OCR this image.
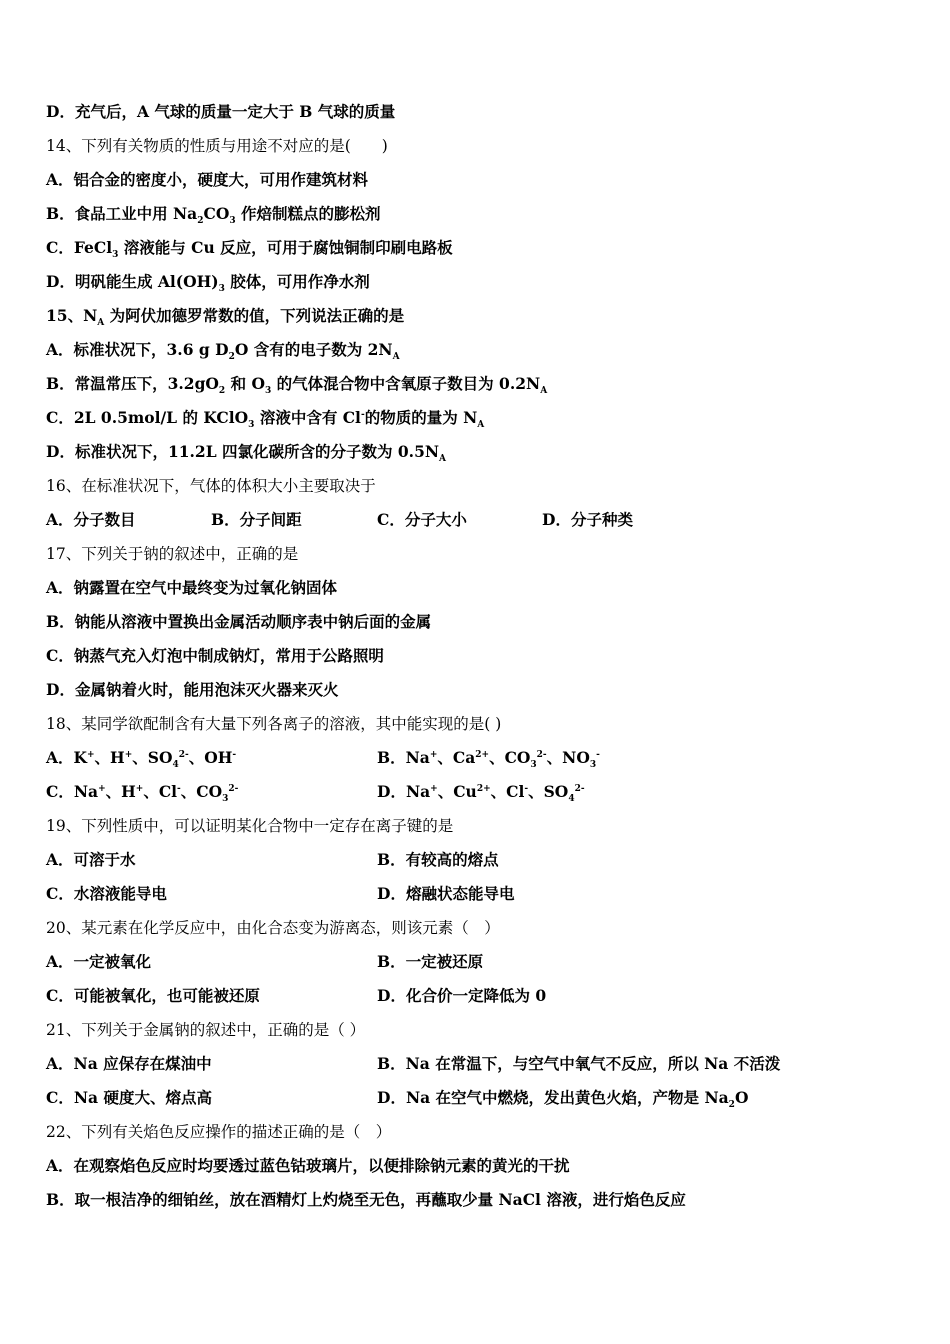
D．充气后，A 气球的质量一定大于 B 气球的质量
14、下列有关物质的性质与用途不对应的是(　　)
A．铝合金的密度小，硬度大，可用作建筑材料
B．食品工业中用 $Na_2CO_3$ 作焙制糕点的膨松剂
C．FeCl$_3$ 溶液能与 Cu 反应，可用于腐蚀铜制印刷电路板
D．明矾能生成 $Al(OH)_3$ 胶体，可用作净水剂
15、$N_A$ 为阿伏加德罗常数的值，下列说法正确的是
A．标准状况下，3.6 g $D_2O$ 含有的电子数为 $2N_A$
B．常温常压下，$3.2gO_2$ 和 $O_3$ 的气体混合物中含氧原子数目为 $0.2N_A$
C．2L 0.5mol/L 的 KClO$_3$ 溶液中含有 Cl-的物质的量为 $N_A$
D．标准状况下，11.2L 四氯化碳所含的分子数为 $0.5N_A$
16、在标准状况下，气体的体积大小主要取决于
A．分子数目	B．分子间距	C．分子大小	D．分子种类
17、下列关于钠的叙述中，正确的是
A．钠露置在空气中最终变为过氧化钠固体
B．钠能从溶液中置换出金属活动顺序表中钠后面的金属
C．钠蒸气充入灯泡中制成钠灯，常用于公路照明
D．金属钠着火时，能用泡沫灭火器来灭火
18、某同学欲配制含有大量下列各离子的溶液，其中能实现的是( )
A．K+、H+、$SO_4^{2-}$、OH-	B．Na+、$Ca^{2+}$、$CO_3^{2-}$、$NO_3^-$
C．Na+、H+、Cl-、$CO_3^{2-}$	D．Na+、$Cu^{2+}$、Cl-、$SO_4^{2-}$
19、下列性质中，可以证明某化合物中一定存在离子键的是
A．可溶于水	B．有较高的熔点
C．水溶液能导电	D．熔融状态能导电
20、某元素在化学反应中，由化合态变为游离态，则该元素（　）
A．一定被氧化	B．一定被还原
C．可能被氧化，也可能被还原	D．化合价一定降低为 0
21、下列关于金属钠的叙述中，正确的是（ ）
A．Na 应保存在煤油中	B．Na 在常温下，与空气中氧气不反应，所以 Na 不活泼
C．Na 硬度大、熔点高	D．Na 在空气中燃烧，发出黄色火焰，产物是 $Na_2O$
22、下列有关焰色反应操作的描述正确的是（　）
A．在观察焰色反应时均要透过蓝色钴玻璃片，以便排除钠元素的黄光的干扰
B．取一根洁净的细铂丝，放在酒精灯上灼烧至无色，再蘸取少量 NaCl 溶液，进行焰色反应
